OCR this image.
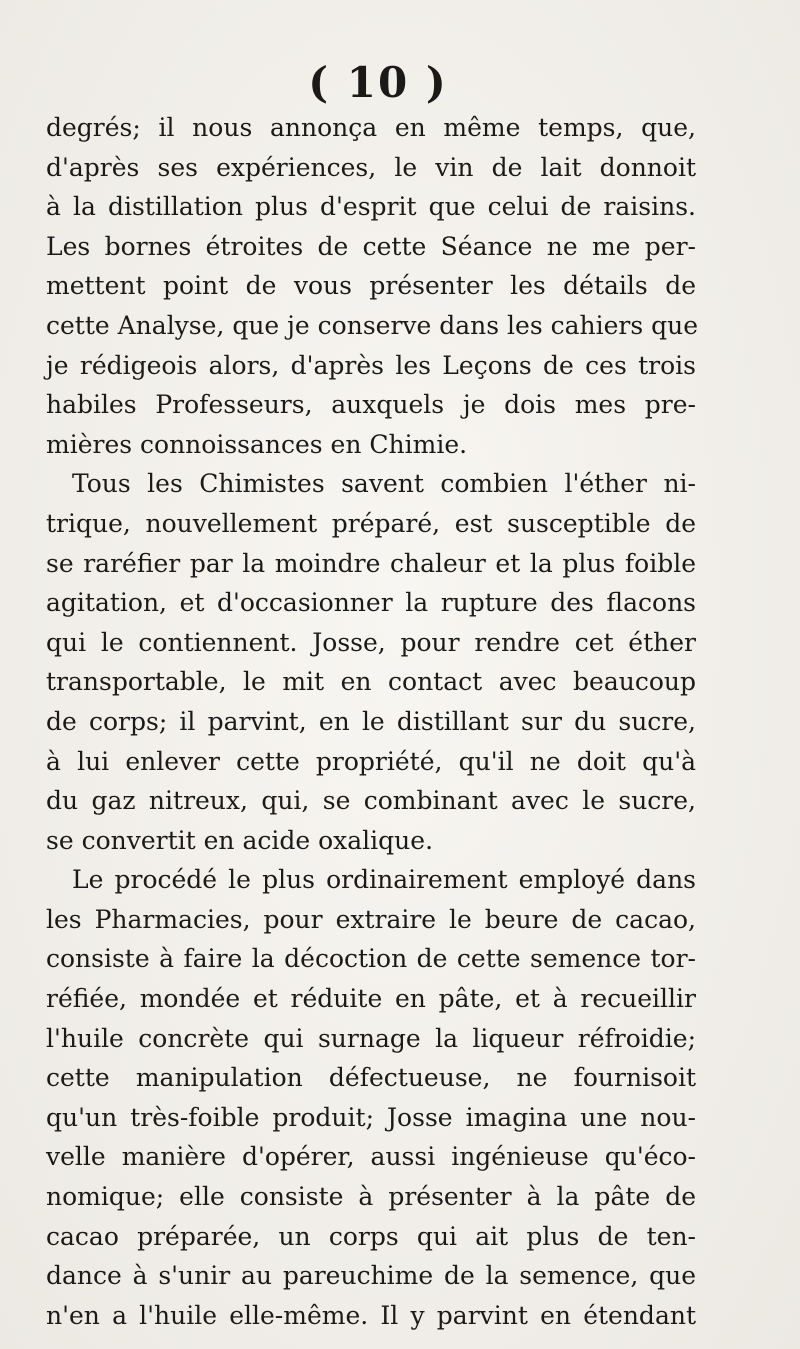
( 10 )
degrés; il nous annonça en même temps, que,
d'après ses expériences, le vin de lait donnoit
à la distillation plus d'esprit que celui de raisins.
Les bornes étroites de cette Séance ne me per-
mettent point de vous présenter les détails de
cette Analyse, que je conserve dans les cahiers que
je rédigeois alors, d'après les Leçons de ces trois
habiles Professeurs, auxquels je dois mes pre-
mières connoissances en Chimie.
Tous les Chimistes savent combien l'éther ni-
trique, nouvellement préparé, est susceptible de
se raréfier par la moindre chaleur et la plus foible
agitation, et d'occasionner la rupture des flacons
qui le contiennent. Josse, pour rendre cet éther
transportable, le mit en contact avec beaucoup
de corps; il parvint, en le distillant sur du sucre,
à lui enlever cette propriété, qu'il ne doit qu'à
du gaz nitreux, qui, se combinant avec le sucre,
se convertit en acide oxalique.
Le procédé le plus ordinairement employé dans
les Pharmacies, pour extraire le beure de cacao,
consiste à faire la décoction de cette semence tor-
réfiée, mondée et réduite en pâte, et à recueillir
l'huile concrète qui surnage la liqueur réfroidie;
cette manipulation défectueuse, ne fournisoit
qu'un très-foible produit; Josse imagina une nou-
velle manière d'opérer, aussi ingénieuse qu'éco-
nomique; elle consiste à présenter à la pâte de
cacao préparée, un corps qui ait plus de ten-
dance à s'unir au pareuchime de la semence, que
n'en a l'huile elle-même. Il y parvint en étendant
